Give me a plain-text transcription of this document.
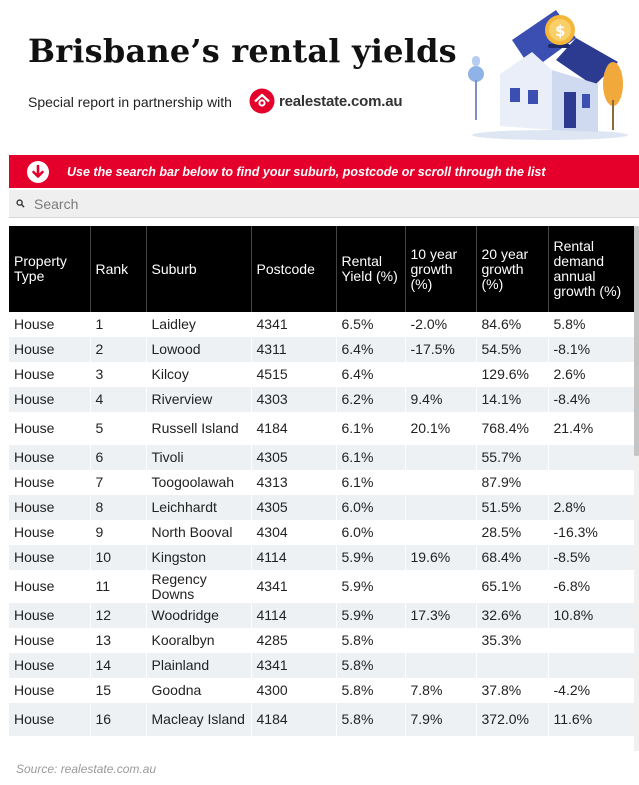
Brisbane’s rental yields
Special report in partnership with	realestate.com.au
$
Use the search bar below to find your suburb, postcode or scroll through the list
Search
Property Type	Rank	Suburb	Postcode	Rental Yield (%)	10 year growth (%)	20 year growth (%)	Rental demand annual growth (%)
House	1	Laidley	4341	6.5%	-2.0%	84.6%	5.8%
House	2	Lowood	4311	6.4%	-17.5%	54.5%	-8.1%
House	3	Kilcoy	4515	6.4%		129.6%	2.6%
House	4	Riverview	4303	6.2%	9.4%	14.1%	-8.4%
House	5	Russell Island	4184	6.1%	20.1%	768.4%	21.4%
House	6	Tivoli	4305	6.1%		55.7%	
House	7	Toogoolawah	4313	6.1%		87.9%	
House	8	Leichhardt	4305	6.0%		51.5%	2.8%
House	9	North Booval	4304	6.0%		28.5%	-16.3%
House	10	Kingston	4114	5.9%	19.6%	68.4%	-8.5%
House	11	Regency Downs	4341	5.9%		65.1%	-6.8%
House	12	Woodridge	4114	5.9%	17.3%	32.6%	10.8%
House	13	Kooralbyn	4285	5.8%		35.3%	
House	14	Plainland	4341	5.8%			
House	15	Goodna	4300	5.8%	7.8%	37.8%	-4.2%
House	16	Macleay Island	4184	5.8%	7.9%	372.0%	11.6%
Source: realestate.com.au
